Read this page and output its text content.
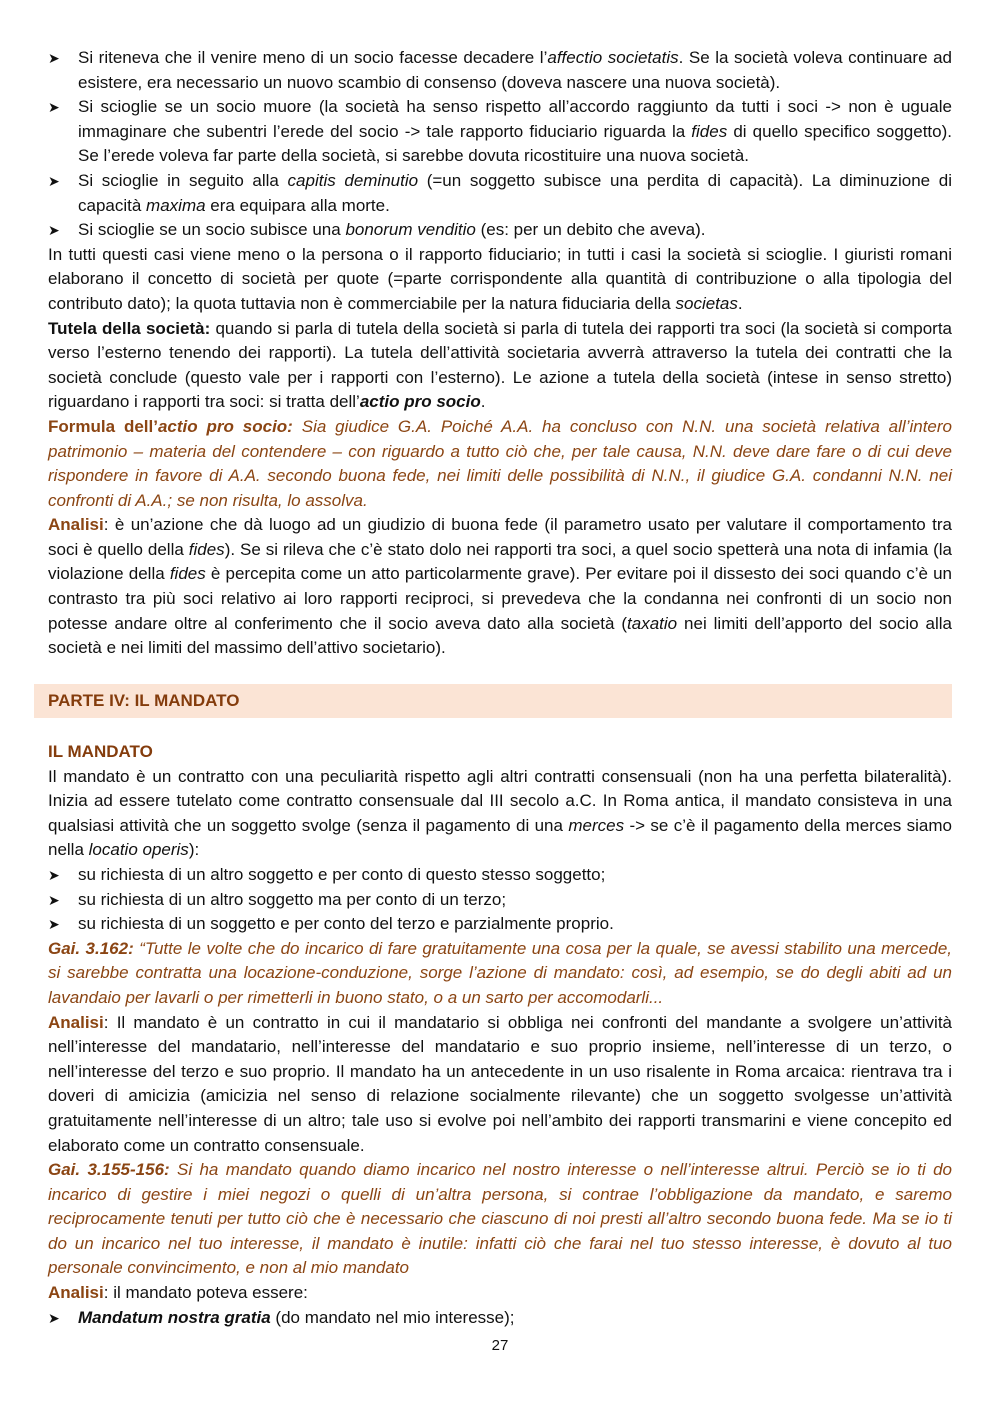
➤	Si riteneva che il venire meno di un socio facesse decadere l’affectio societatis. Se la società voleva continuare ad esistere, era necessario un nuovo scambio di consenso (doveva nascere una nuova società).

➤	Si scioglie se un socio muore (la società ha senso rispetto all’accordo raggiunto da tutti i soci -> non è uguale immaginare che subentri l’erede del socio -> tale rapporto fiduciario riguarda la fides di quello specifico soggetto). Se l’erede voleva far parte della società, si sarebbe dovuta ricostituire una nuova società.

➤	Si scioglie in seguito alla capitis deminutio (=un soggetto subisce una perdita di capacità). La diminuzione di capacità maxima era equipara alla morte.

➤	Si scioglie se un socio subisce una bonorum venditio (es: per un debito che aveva).

In tutti questi casi viene meno o la persona o il rapporto fiduciario; in tutti i casi la società si scioglie. I giuristi romani elaborano il concetto di società per quote (=parte corrispondente alla quantità di contribuzione o alla tipologia del contributo dato); la quota tuttavia non è commerciabile per la natura fiduciaria della societas.

Tutela della società: quando si parla di tutela della società si parla di tutela dei rapporti tra soci (la società si comporta verso l’esterno tenendo dei rapporti). La tutela dell’attività societaria avverrà attraverso la tutela dei contratti che la società conclude (questo vale per i rapporti con l’esterno). Le azione a tutela della società (intese in senso stretto) riguardano i rapporti tra soci: si tratta dell’actio pro socio.

Formula dell’actio pro socio: Sia giudice G.A. Poiché A.A. ha concluso con N.N. una società relativa all’intero patrimonio – materia del contendere – con riguardo a tutto ciò che, per tale causa, N.N. deve dare fare o di cui deve rispondere in favore di A.A. secondo buona fede, nei limiti delle possibilità di N.N., il giudice G.A. condanni N.N. nei confronti di A.A.; se non risulta, lo assolva.

Analisi: è un’azione che dà luogo ad un giudizio di buona fede (il parametro usato per valutare il comportamento tra soci è quello della fides). Se si rileva che c’è stato dolo nei rapporti tra soci, a quel socio spetterà una nota di infamia (la violazione della fides è percepita come un atto particolarmente grave). Per evitare poi il dissesto dei soci quando c’è un contrasto tra più soci relativo ai loro rapporti reciproci, si prevedeva che la condanna nei confronti di un socio non potesse andare oltre al conferimento che il socio aveva dato alla società (taxatio nei limiti dell’apporto del socio alla società e nei limiti del massimo dell’attivo societario).

PARTE IV: IL MANDATO

IL MANDATO

Il mandato è un contratto con una peculiarità rispetto agli altri contratti consensuali (non ha una perfetta bilateralità). Inizia ad essere tutelato come contratto consensuale dal III secolo a.C. In Roma antica, il mandato consisteva in una qualsiasi attività che un soggetto svolge (senza il pagamento di una merces -> se c’è il pagamento della merces siamo nella locatio operis):

➤	su richiesta di un altro soggetto e per conto di questo stesso soggetto;

➤	su richiesta di un altro soggetto ma per conto di un terzo;

➤	su richiesta di un soggetto e per conto del terzo e parzialmente proprio.

Gai. 3.162: “Tutte le volte che do incarico di fare gratuitamente una cosa per la quale, se avessi stabilito una mercede, si sarebbe contratta una locazione-conduzione, sorge l’azione di mandato: così, ad esempio, se do degli abiti ad un lavandaio per lavarli o per rimetterli in buono stato, o a un sarto per accomodarli...

Analisi: Il mandato è un contratto in cui il mandatario si obbliga nei confronti del mandante a svolgere un’attività nell’interesse del mandatario, nell’interesse del mandatario e suo proprio insieme, nell’interesse di un terzo, o nell’interesse del terzo e suo proprio. Il mandato ha un antecedente in un uso risalente in Roma arcaica: rientrava tra i doveri di amicizia (amicizia nel senso di relazione socialmente rilevante) che un soggetto svolgesse un’attività gratuitamente nell’interesse di un altro; tale uso si evolve poi nell’ambito dei rapporti transmarini e viene concepito ed elaborato come un contratto consensuale.

Gai. 3.155-156: Si ha mandato quando diamo incarico nel nostro interesse o nell’interesse altrui. Perciò se io ti do incarico di gestire i miei negozi o quelli di un’altra persona, si contrae l’obbligazione da mandato, e saremo reciprocamente tenuti per tutto ciò che è necessario che ciascuno di noi presti all’altro secondo buona fede. Ma se io ti do un incarico nel tuo interesse, il mandato è inutile: infatti ciò che farai nel tuo stesso interesse, è dovuto al tuo personale convincimento, e non al mio mandato

Analisi: il mandato poteva essere:

➤	Mandatum nostra gratia (do mandato nel mio interesse);

27
